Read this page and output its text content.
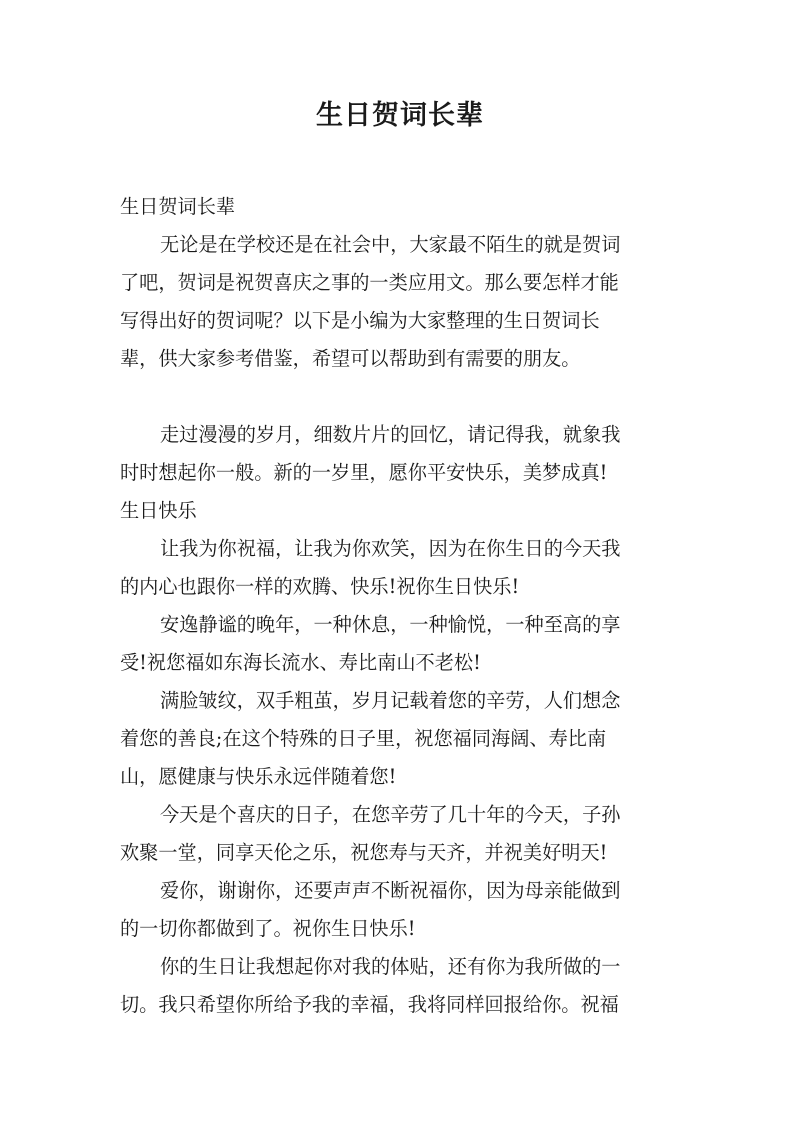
生日贺词长辈
生日贺词长辈
无论是在学校还是在社会中，大家最不陌生的就是贺词
了吧，贺词是祝贺喜庆之事的一类应用文。那么要怎样才能
写得出好的贺词呢？以下是小编为大家整理的生日贺词长
辈，供大家参考借鉴，希望可以帮助到有需要的朋友。
走过漫漫的岁月，细数片片的回忆，请记得我，就象我
时时想起你一般。新的一岁里，愿你平安快乐，美梦成真!
生日快乐
让我为你祝福，让我为你欢笑，因为在你生日的今天我
的内心也跟你一样的欢腾、快乐!祝你生日快乐!
安逸静谧的晚年，一种休息，一种愉悦，一种至高的享
受!祝您福如东海长流水、寿比南山不老松!
满脸皱纹，双手粗茧，岁月记载着您的辛劳，人们想念
着您的善良;在这个特殊的日子里，祝您福同海阔、寿比南
山，愿健康与快乐永远伴随着您!
今天是个喜庆的日子，在您辛劳了几十年的今天，子孙
欢聚一堂，同享天伦之乐，祝您寿与天齐，并祝美好明天!
爱你，谢谢你，还要声声不断祝福你，因为母亲能做到
的一切你都做到了。祝你生日快乐!
你的生日让我想起你对我的体贴，还有你为我所做的一
切。我只希望你所给予我的幸福，我将同样回报给你。祝福
